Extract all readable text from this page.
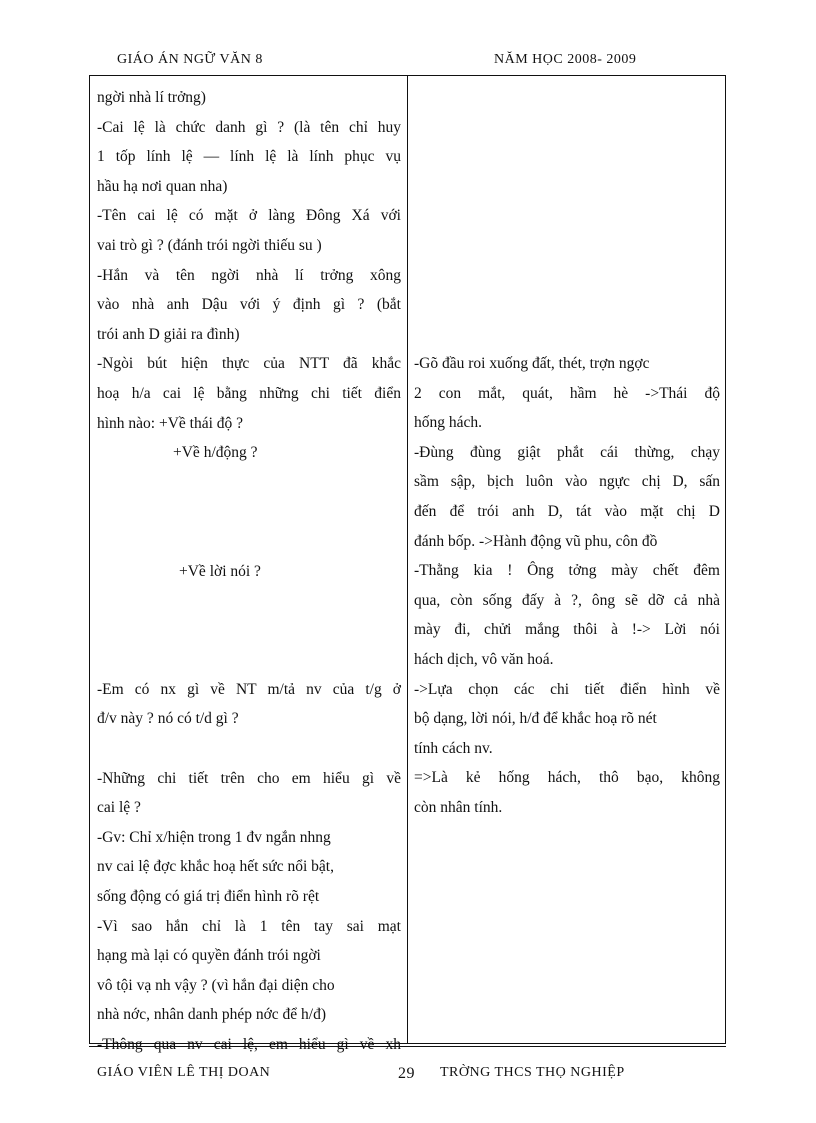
GIÁO ÁN NGỮ VĂN 8	NĂM HỌC 2008- 2009
ngời nhà lí trởng)
-Cai lệ là chức danh gì ? (là tên chỉ huy
1 tốp lính lệ — lính lệ là lính phục vụ
hầu hạ nơi quan nha)
-Tên cai lệ có mặt ở làng Đông Xá với
vai trò gì ? (đánh trói ngời thiếu su )
-Hắn và tên ngời nhà lí trởng xông
vào nhà anh Dậu với ý định gì ? (bắt
trói anh D giải ra đình)
-Ngòi bút hiện thực của NTT đã khắc
hoạ h/a cai lệ bằng những chi tiết điển
hình nào: +Về thái độ ?
+Về h/động ?
+Về lời nói ?
-Em có nx gì về NT m/tả nv của t/g ở
đ/v này ? nó có t/d gì ?
-Những chi tiết trên cho em hiểu gì về
cai lệ ?
-Gv: Chỉ x/hiện trong 1 đv ngắn nhng
nv cai lệ đợc khắc hoạ hết sức nổi bật,
sống động có giá trị điển hình rõ rệt
-Vì sao hắn chỉ là 1 tên tay sai mạt
hạng mà lại có quyền đánh trói ngời
vô tội vạ nh vậy ? (vì hắn đại diện cho
nhà nớc, nhân danh phép nớc để h/đ)
-Thông qua nv cai lệ, em hiểu gì về xh
-Gõ đầu roi xuống đất, thét, trợn ngợc
2 con mắt, quát, hầm hè ->Thái độ
hống hách.
-Đùng đùng giật phắt cái thừng, chạy
sầm sập, bịch luôn vào ngực chị D, sấn
đến để trói anh D, tát vào mặt chị D
đánh bốp. ->Hành động vũ phu, côn đồ
-Thằng kia ! Ông tởng mày chết đêm
qua, còn sống đấy à ?, ông sẽ dỡ cả nhà
mày đi, chửi mắng thôi à !-> Lời nói
hách dịch, vô văn hoá.
->Lựa chọn các chi tiết điển hình về
bộ dạng, lời nói, h/đ để khắc hoạ rõ nét
tính cách nv.
=>Là kẻ hống hách, thô bạo, không
còn nhân tính.
GIÁO VIÊN LÊ THỊ DOAN	29 TRỜNG THCS THỌ NGHIỆP
